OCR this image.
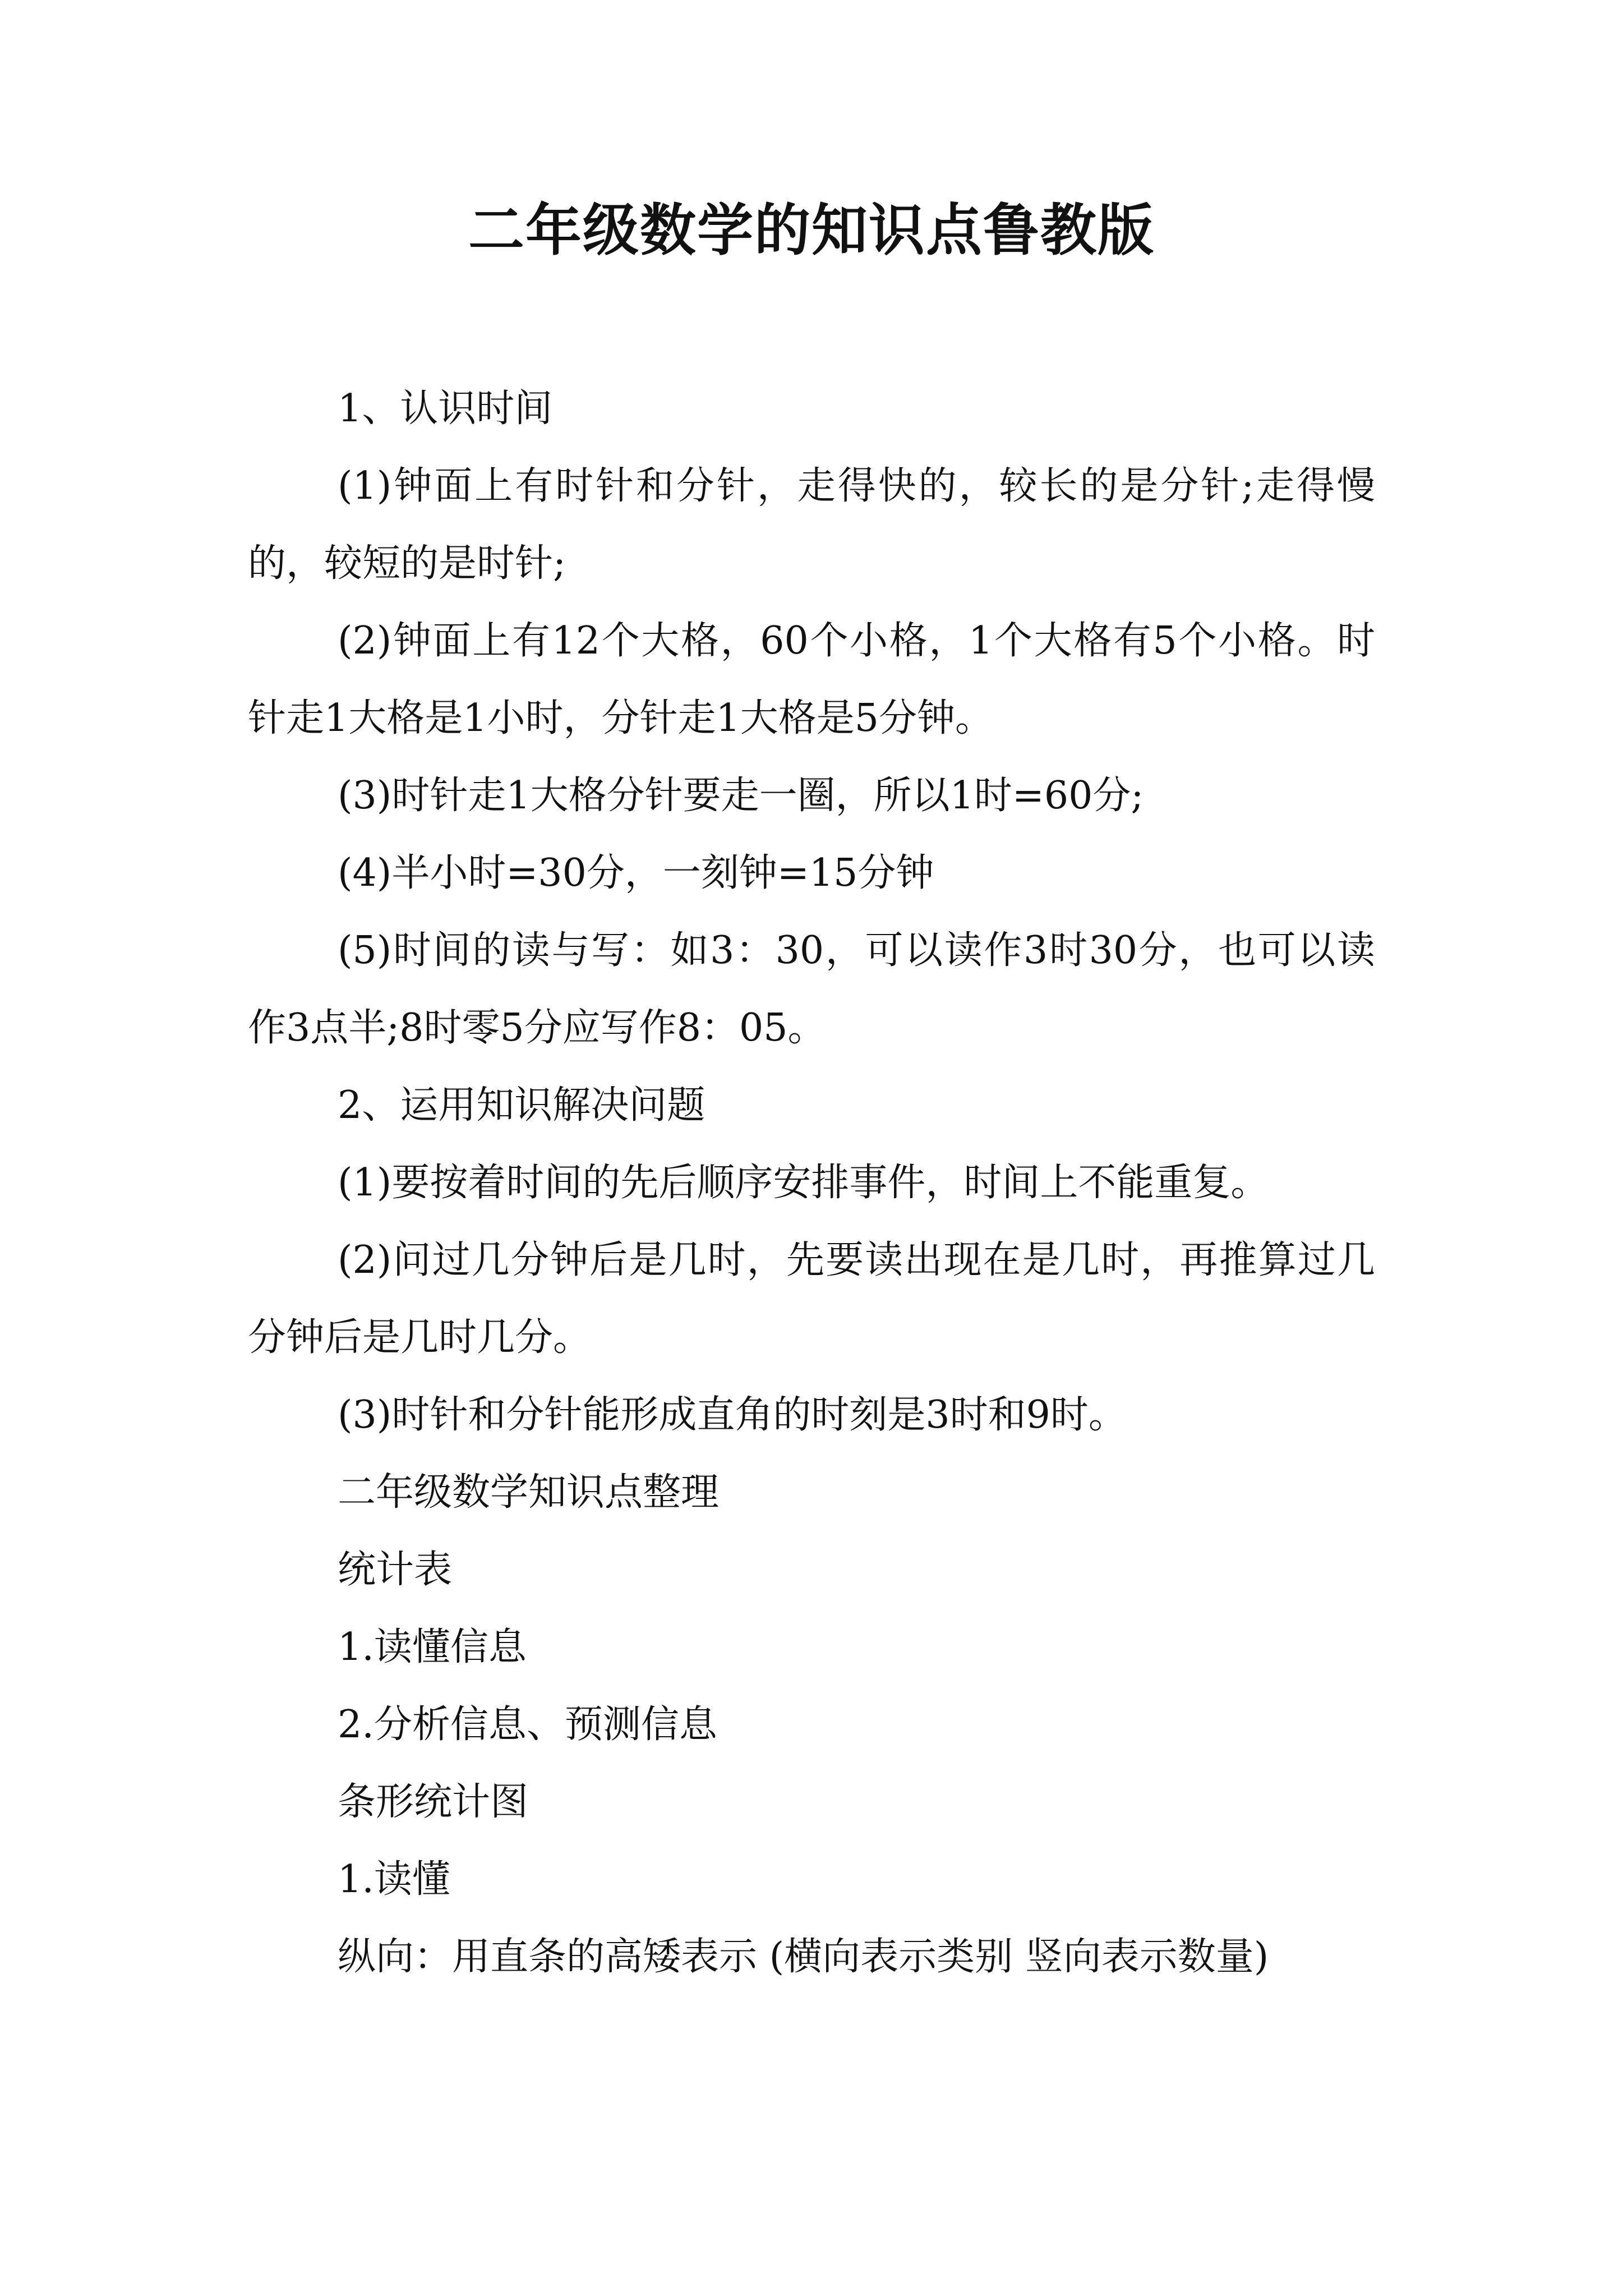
二年级数学的知识点鲁教版

1、认识时间

(1)钟面上有时针和分针，走得快的，较长的是分针;走得慢的，较短的是时针;

(2)钟面上有12个大格，60个小格，1个大格有5个小格。时针走1大格是1小时，分针走1大格是5分钟。

(3)时针走1大格分针要走一圈，所以1时=60分;

(4)半小时=30分，一刻钟=15分钟

(5)时间的读与写：如3：30，可以读作3时30分，也可以读作3点半;8时零5分应写作8：05。

2、运用知识解决问题

(1)要按着时间的先后顺序安排事件，时间上不能重复。

(2)问过几分钟后是几时，先要读出现在是几时，再推算过几分钟后是几时几分。

(3)时针和分针能形成直角的时刻是3时和9时。

二年级数学知识点整理

统计表

1.读懂信息

2.分析信息、预测信息

条形统计图

1.读懂

纵向：用直条的高矮表示 (横向表示类别 竖向表示数量)
